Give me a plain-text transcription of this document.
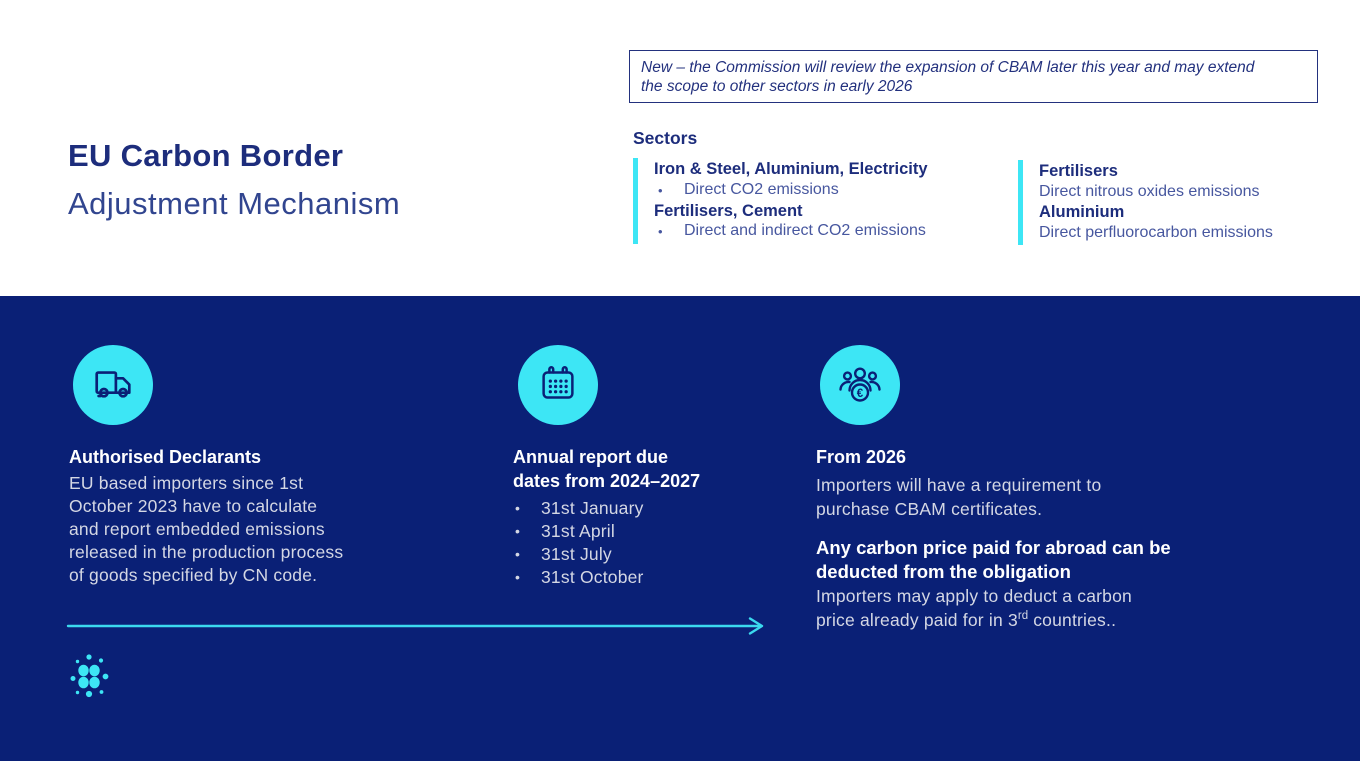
EU Carbon Border
Adjustment Mechanism
New – the Commission will review the expansion of CBAM later this year and may extend
the scope to other sectors in early 2026
Sectors
Iron & Steel, Aluminium, Electricity
•	Direct CO2 emissions
Fertilisers, Cement
•	Direct and indirect CO2 emissions
Fertilisers
Direct nitrous oxides emissions
Aluminium
Direct perfluorocarbon emissions
Authorised Declarants
EU based importers since 1st
October 2023 have to calculate
and report embedded emissions
released in the production process
of goods specified by CN code.
Annual report due
dates from 2024–2027
•	31st January
•	31st April
•	31st July
•	31st October
€
From 2026
Importers will have a requirement to
purchase CBAM certificates.
Any carbon price paid for abroad can be
deducted from the obligation
Importers may apply to deduct a carbon
price already paid for in 3rd countries..
